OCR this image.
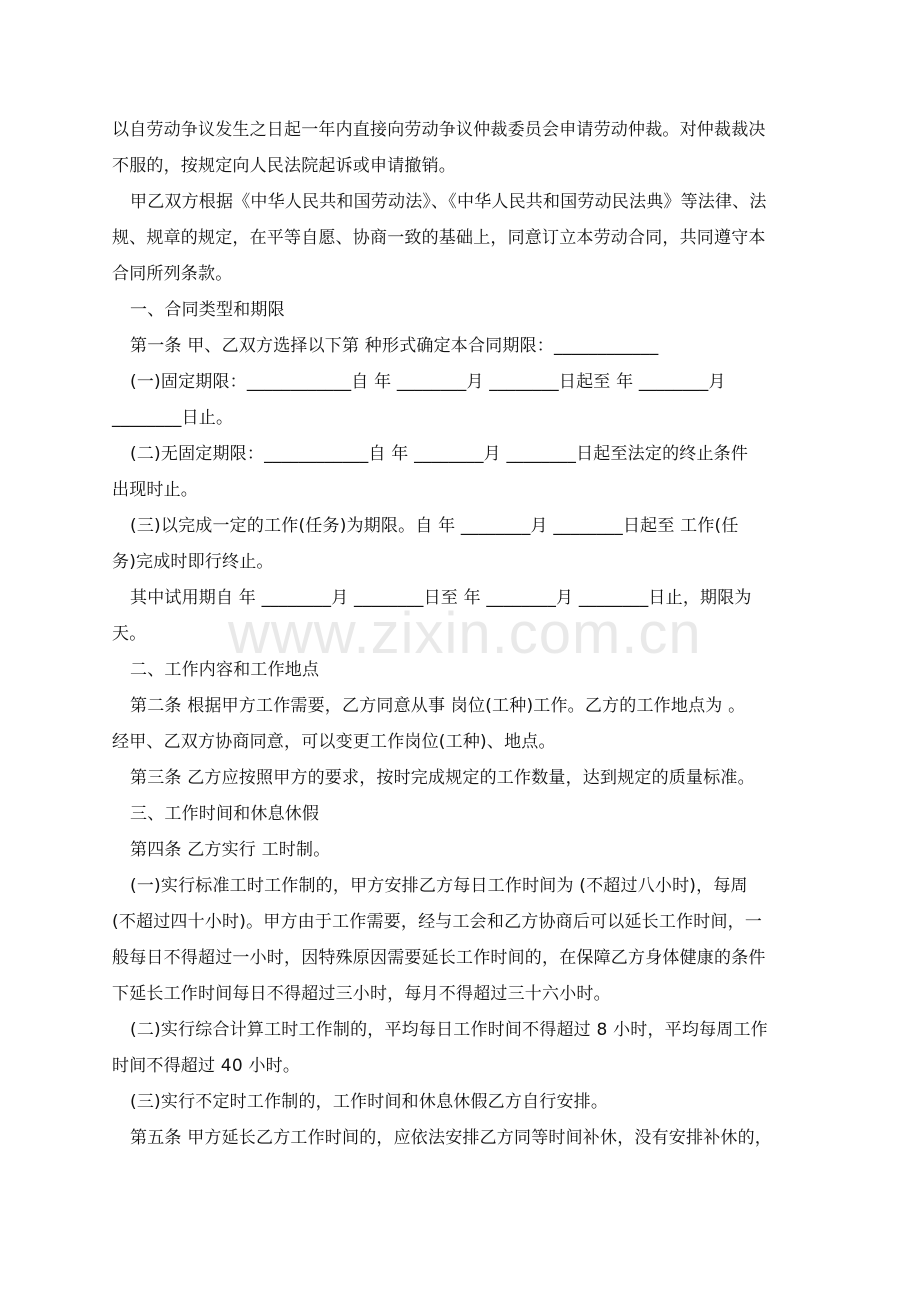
以自劳动争议发生之日起一年内直接向劳动争议仲裁委员会申请劳动仲裁。对仲裁裁决
不服的，按规定向人民法院起诉或申请撤销。
甲乙双方根据《中华人民共和国劳动法》、《中华人民共和国劳动民法典》等法律、法
规、规章的规定，在平等自愿、协商一致的基础上，同意订立本劳动合同，共同遵守本
合同所列条款。
一、合同类型和期限
第一条 甲、乙双方选择以下第 种形式确定本合同期限：____________
(一)固定期限：____________自 年 ________月 ________日起至 年 ________月
________日止。
(二)无固定期限：____________自 年 ________月 ________日起至法定的终止条件
出现时止。
(三)以完成一定的工作(任务)为期限。自 年 ________月 ________日起至 工作(任
务)完成时即行终止。
其中试用期自 年 ________月 ________日至 年 ________月 ________日止，期限为
天。
二、工作内容和工作地点
第二条 根据甲方工作需要，乙方同意从事 岗位(工种)工作。乙方的工作地点为 。
经甲、乙双方协商同意，可以变更工作岗位(工种)、地点。
第三条 乙方应按照甲方的要求，按时完成规定的工作数量，达到规定的质量标准。
三、工作时间和休息休假
第四条 乙方实行 工时制。
(一)实行标准工时工作制的，甲方安排乙方每日工作时间为 (不超过八小时)，每周
(不超过四十小时)。甲方由于工作需要，经与工会和乙方协商后可以延长工作时间，一
般每日不得超过一小时，因特殊原因需要延长工作时间的，在保障乙方身体健康的条件
下延长工作时间每日不得超过三小时，每月不得超过三十六小时。
(二)实行综合计算工时工作制的，平均每日工作时间不得超过 8 小时，平均每周工作
时间不得超过 40 小时。
(三)实行不定时工作制的，工作时间和休息休假乙方自行安排。
第五条 甲方延长乙方工作时间的，应依法安排乙方同等时间补休，没有安排补休的，
www.zixin.com.cn
